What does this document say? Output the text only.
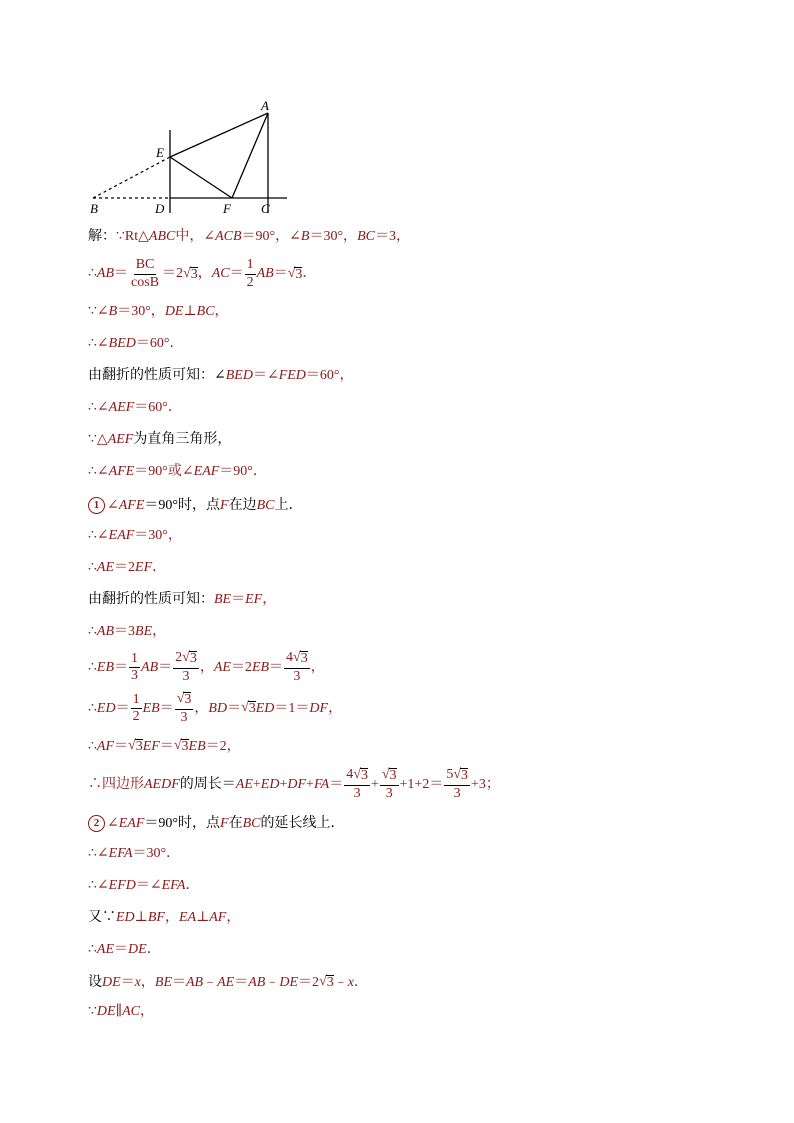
A
E
B	D	F C
解： ∵Rt△ ABC 中，∠ ACB ＝90°，∠ B ＝30°， BC ＝3，
∴ AB ＝ $\frac{BC}{\cos B} =2$ √ 3 ， AC ＝ $\frac{1}{2}$ AB ＝ √ 3 ．
∵∠ B ＝30°， DE ⊥ BC ，
∴∠ BED ＝60°．
由翻折的性质可知：∠ BED ＝∠ FED ＝60°，
∴∠ AEF ＝60°．
∵△ AEF 为直角三角形，
∴∠ AFE ＝90°或∠ EAF ＝90°．
1 ∠ AFE ＝90°时，点 F 在边 BC 上．
∴∠ EAF ＝30°，
∴ AE ＝2 EF ．
由翻折的性质可知： BE ＝ EF ，
∴ AB ＝3 BE ，
∴ EB ＝ $\frac{1}{3}$ AB ＝ $\frac{2√ 3}{3}$ ， AE ＝2 EB ＝ $\frac{4√ 3}{3}$ ，
∴ ED ＝ $\frac{1}{2}$ EB ＝ $\frac{√ 3}{3}$ ， BD ＝ √ 3 ED ＝1＝ DF ，
∴ AF ＝ √ 3 EF ＝ √ 3 EB ＝2，
∴四边形 AEDF 的周长＝ AE + ED + DF + FA ＝ $\frac{4√ 3}{3} + \frac{√ 3}{3} +1+2= \frac{5√ 3}{3} +3$；
2 ∠ EAF ＝90°时，点 F 在 BC 的延长线上．
∴∠ EFA ＝30°．
∴∠ EFD ＝∠ EFA ．
又∵ ED ⊥ BF ， EA ⊥ AF ，
∴ AE ＝ DE ．
设 DE ＝ x ， BE ＝ AB ﹣ AE ＝ AB ﹣ DE ＝2 √ 3 ﹣ x ．
∵ DE ∥ AC ，
